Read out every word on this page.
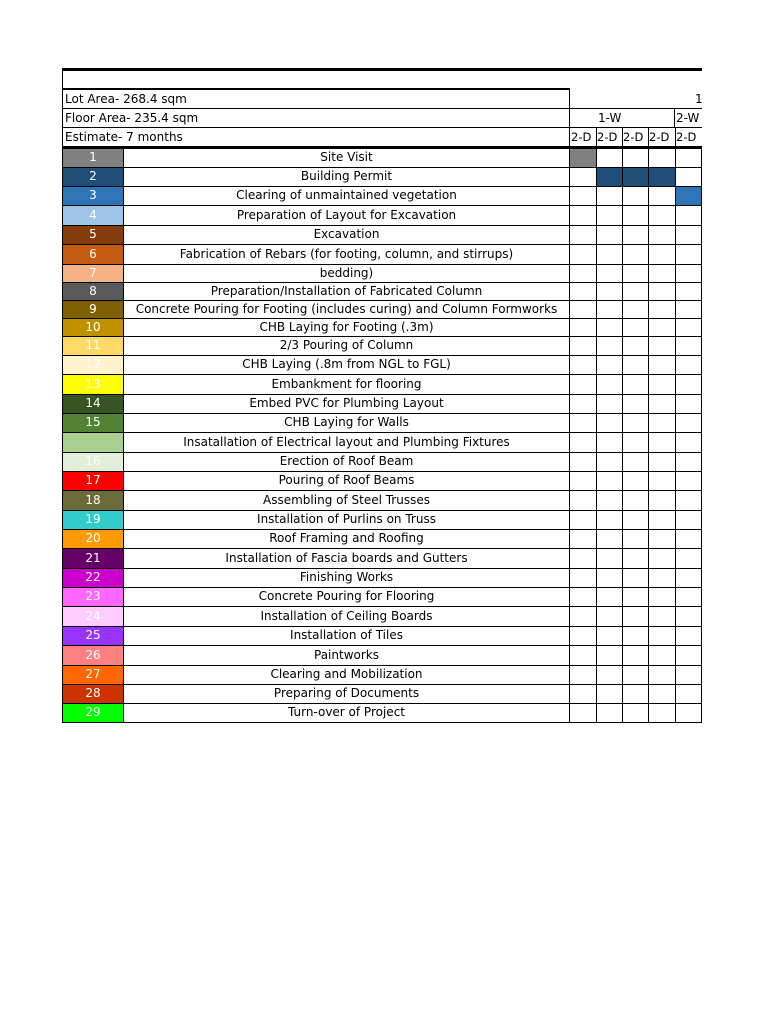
Lot Area- 268.4 sqm
Floor Area- 235.4 sqm
Estimate- 7 months
1
1-W	2-W
2-D 2-D 2-D 2-D 2-D
1	Site Visit
2	Building Permit
3	Clearing of unmaintained vegetation
4	Preparation of Layout for Excavation
5	Excavation
6	Fabrication of Rebars (for footing, column, and stirrups)
7	bedding)
8	Preparation/Installation of Fabricated Column
9	Concrete Pouring for Footing (includes curing) and Column Formworks
10	CHB Laying for Footing (.3m)
11	2/3 Pouring of Column
12	CHB Laying (.8m from NGL to FGL)
13	Embankment for flooring
14	Embed PVC for Plumbing Layout
15	CHB Laying for Walls
Insatallation of Electrical layout and Plumbing Fixtures
16	Erection of Roof Beam
17	Pouring of Roof Beams
18	Assembling of Steel Trusses
19	Installation of Purlins on Truss
20	Roof Framing and Roofing
21	Installation of Fascia boards and Gutters
22	Finishing Works
23	Concrete Pouring for Flooring
24	Installation of Ceiling Boards
25	Installation of Tiles
26	Paintworks
27	Clearing and Mobilization
28	Preparing of Documents
29	Turn-over of Project
